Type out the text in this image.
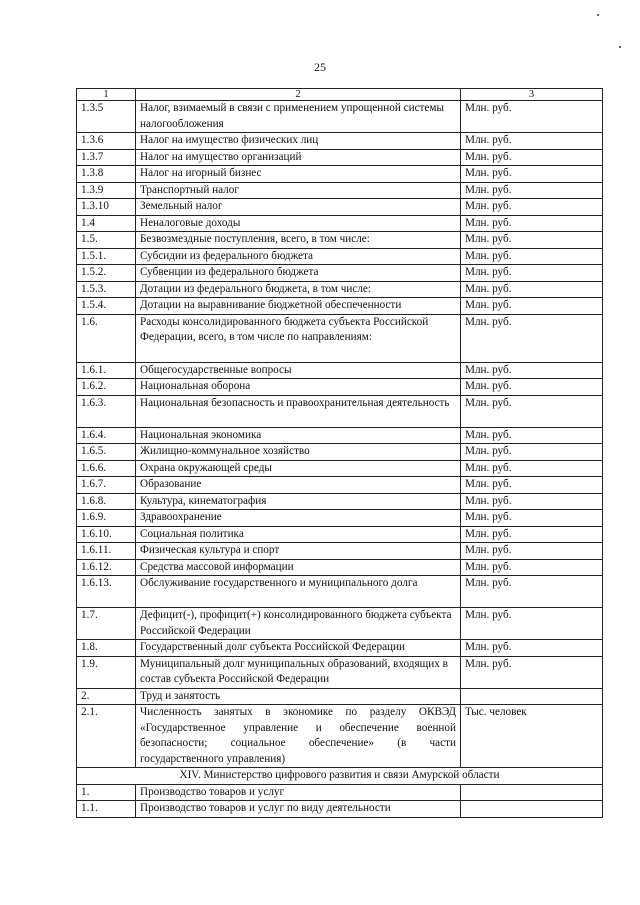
25
1	2	3
1.3.5	Налог, взимаемый в связи с применением упрощенной системы налогообложения	Млн. руб.
1.3.6	Налог на имущество физических лиц	Млн. руб.
1.3.7	Налог на имущество организаций	Млн. руб.
1.3.8	Налог на игорный бизнес	Млн. руб.
1.3.9	Транспортный налог	Млн. руб.
1.3.10	Земельный налог	Млн. руб.
1.4	Неналоговые доходы	Млн. руб.
1.5.	Безвозмездные поступления, всего, в том числе:	Млн. руб.
1.5.1.	Субсидии из федерального бюджета	Млн. руб.
1.5.2.	Субвенции из федерального бюджета	Млн. руб.
1.5.3.	Дотации из федерального бюджета, в том числе:	Млн. руб.
1.5.4.	Дотации на выравнивание бюджетной обеспеченности	Млн. руб.
1.6.	Расходы консолидированного бюджета субъекта Российской Федерации, всего, в том числе по направлениям:	Млн. руб.
1.6.1.	Общегосударственные вопросы	Млн. руб.
1.6.2.	Национальная оборона	Млн. руб.
1.6.3.	Национальная безопасность и правоохранительная деятельность	Млн. руб.
1.6.4.	Национальная экономика	Млн. руб.
1.6.5.	Жилищно-коммунальное хозяйство	Млн. руб.
1.6.6.	Охрана окружающей среды	Млн. руб.
1.6.7.	Образование	Млн. руб.
1.6.8.	Культура, кинематография	Млн. руб.
1.6.9.	Здравоохранение	Млн. руб.
1.6.10.	Социальная политика	Млн. руб.
1.6.11.	Физическая культура и спорт	Млн. руб.
1.6.12.	Средства массовой информации	Млн. руб.
1.6.13.	Обслуживание государственного и муниципального долга	Млн. руб.
1.7.	Дефицит(-), профицит(+) консолидированного бюджета субъекта Российской Федерации	Млн. руб.
1.8.	Государственный долг субъекта Российской Федерации	Млн. руб.
1.9.	Муниципальный долг муниципальных образований, входящих в состав субъекта Российской Федерации	Млн. руб.
2.	Труд и занятость	
2.1.	Численность занятых в экономике по разделу ОКВЭД «Государственное управление и обеспечение военной безопасности; социальное обеспечение» (в части государственного управления)	Тыс. человек
XIV. Министерство цифрового развития и связи Амурской области		
1.	Производство товаров и услуг	
1.1.	Производство товаров и услуг по виду деятельности	
